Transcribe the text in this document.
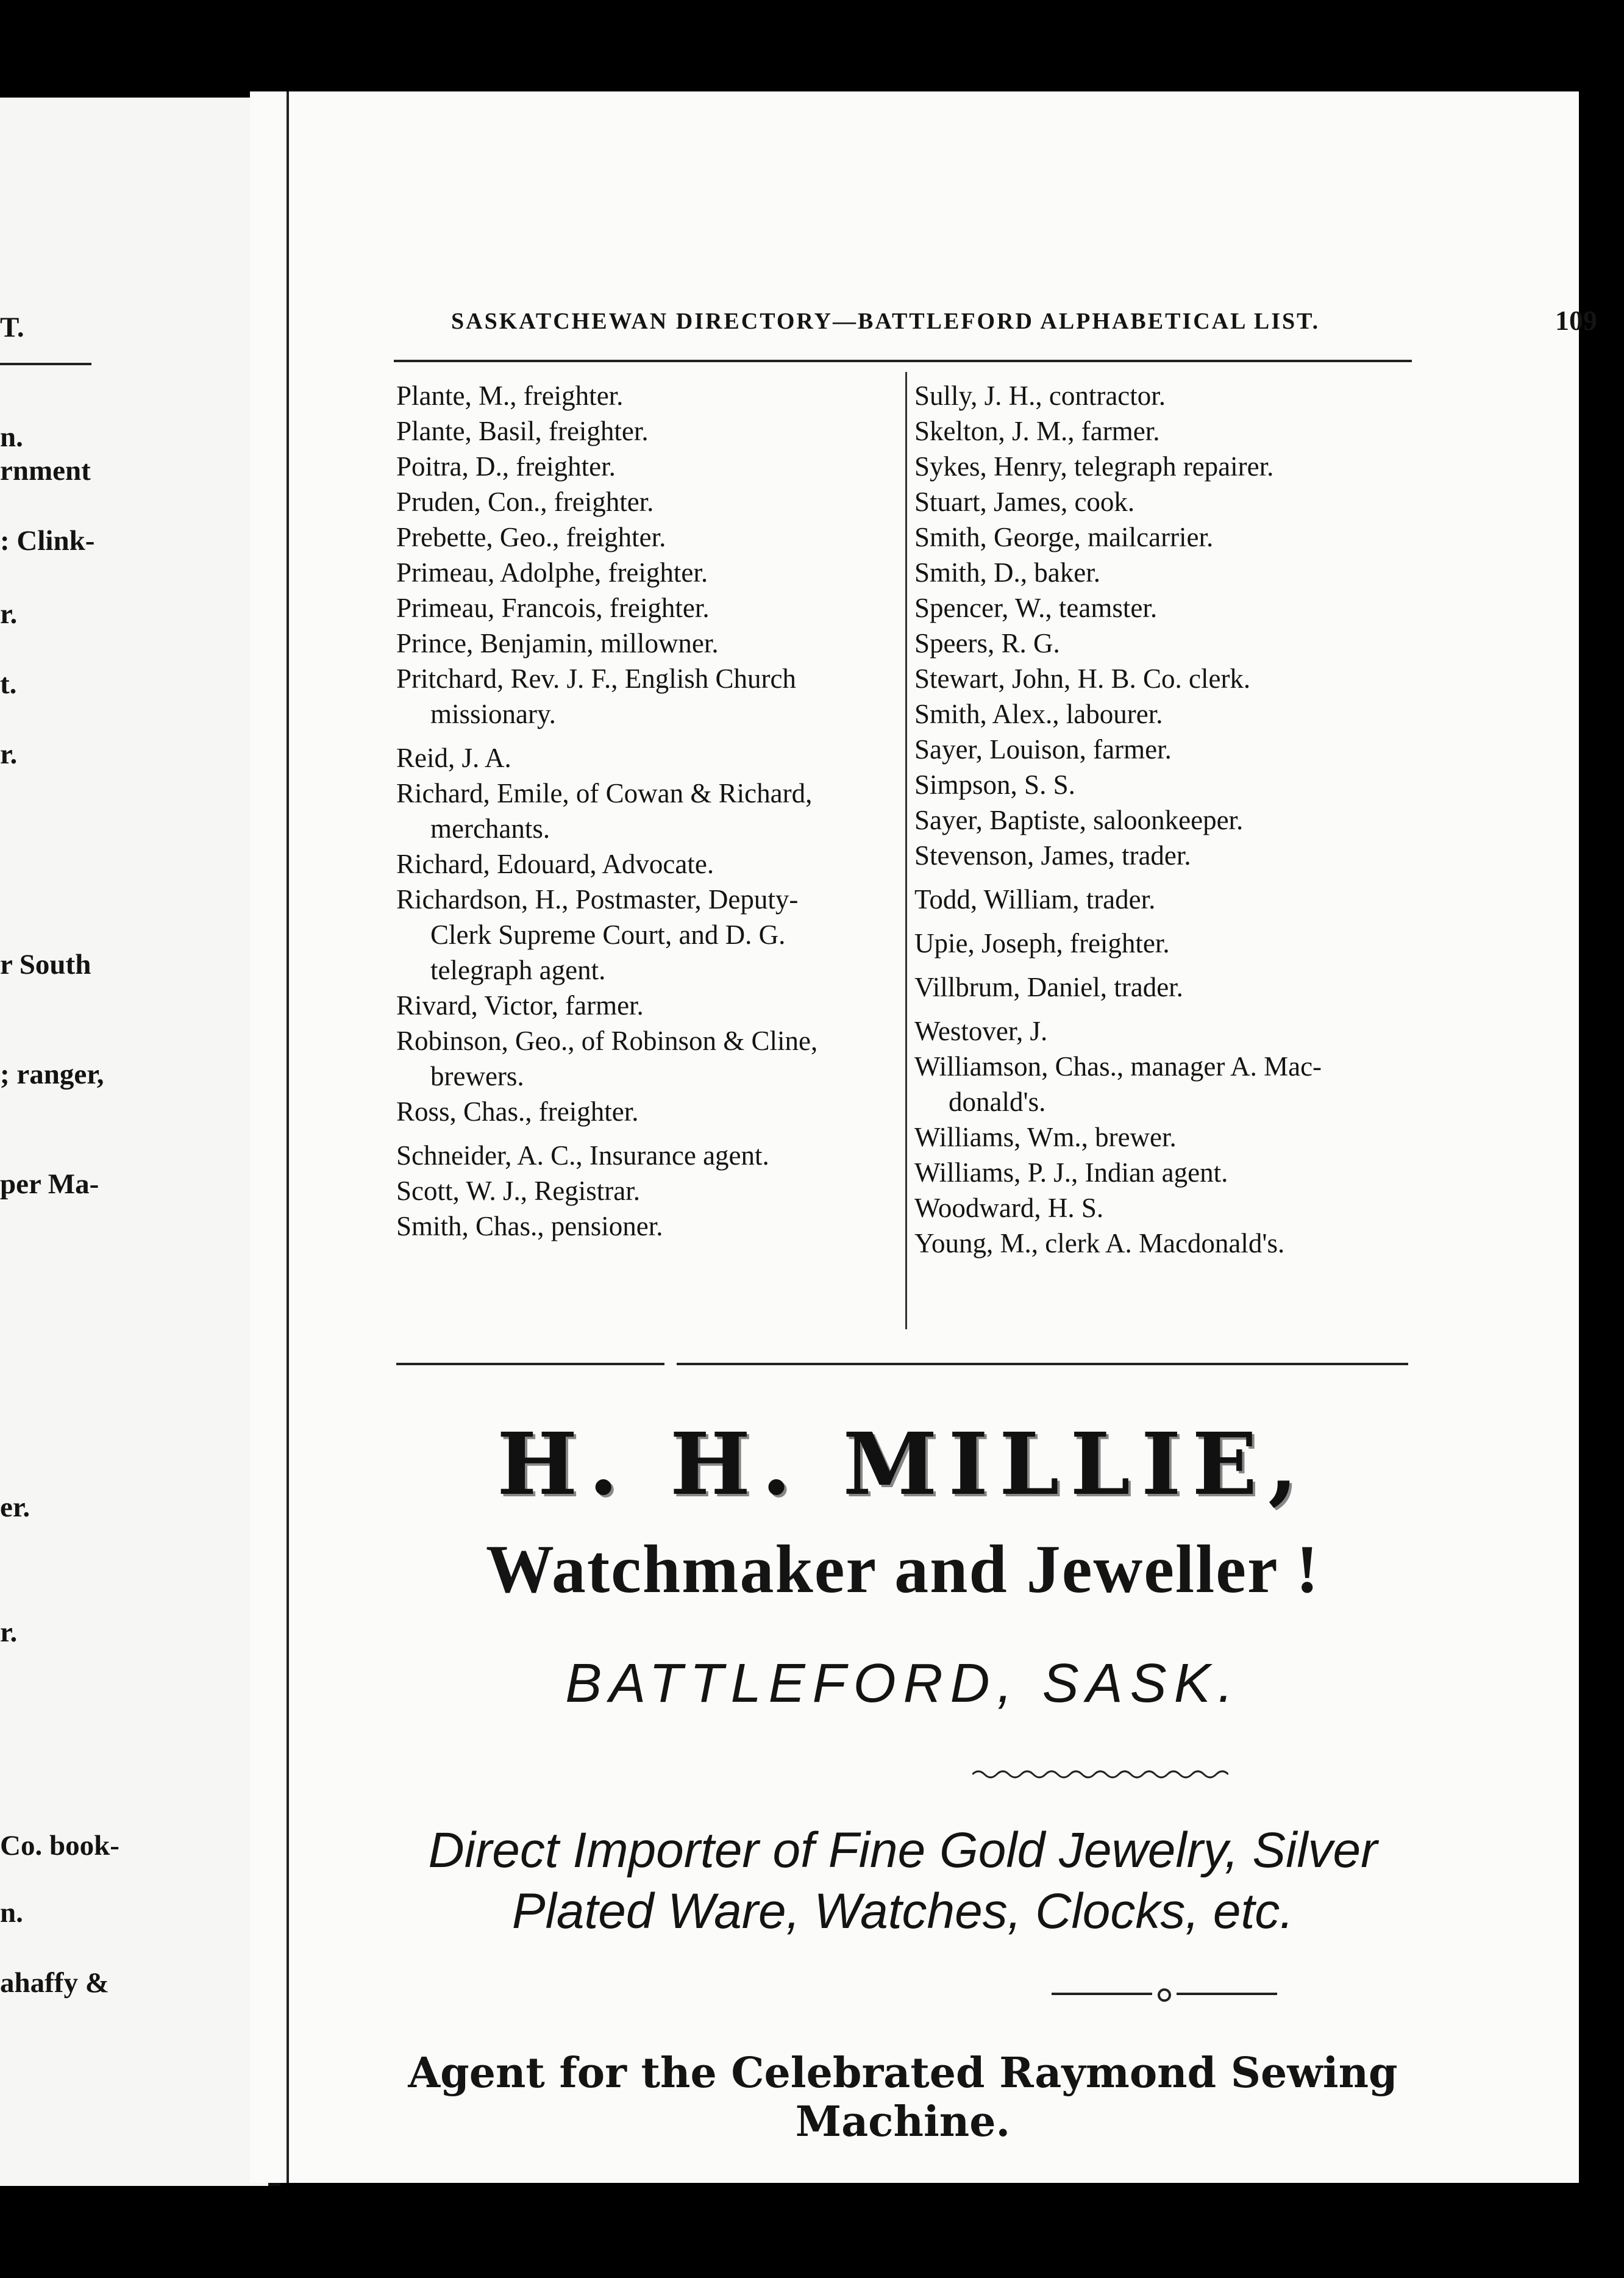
T.
n.
rnment
: Clink-
r.
t.
r.
r South
; ranger,
per Ma-
er.
r.
Co. book-
n.
ahaffy &
SASKATCHEWAN DIRECTORY—BATTLEFORD ALPHABETICAL LIST.	109
Plante, M., freighter.
Plante, Basil, freighter.
Poitra, D., freighter.
Pruden, Con., freighter.
Prebette, Geo., freighter.
Primeau, Adolphe, freighter.
Primeau, Francois, freighter.
Prince, Benjamin, millowner.
Pritchard, Rev. J. F., English Church
missionary.
Reid, J. A.
Richard, Emile, of Cowan & Richard,
merchants.
Richard, Edouard, Advocate.
Richardson, H., Postmaster, Deputy-
Clerk Supreme Court, and D. G.
telegraph agent.
Rivard, Victor, farmer.
Robinson, Geo., of Robinson & Cline,
brewers.
Ross, Chas., freighter.
Schneider, A. C., Insurance agent.
Scott, W. J., Registrar.
Smith, Chas., pensioner.
Sully, J. H., contractor.
Skelton, J. M., farmer.
Sykes, Henry, telegraph repairer.
Stuart, James, cook.
Smith, George, mailcarrier.
Smith, D., baker.
Spencer, W., teamster.
Speers, R. G.
Stewart, John, H. B. Co. clerk.
Smith, Alex., labourer.
Sayer, Louison, farmer.
Simpson, S. S.
Sayer, Baptiste, saloonkeeper.
Stevenson, James, trader.
Todd, William, trader.
Upie, Joseph, freighter.
Villbrum, Daniel, trader.
Westover, J.
Williamson, Chas., manager A. Mac-
donald's.
Williams, Wm., brewer.
Williams, P. J., Indian agent.
Woodward, H. S.
Young, M., clerk A. Macdonald's.
H. H. MILLIE,
Watchmaker and Jeweller !
BATTLEFORD, SASK.
Direct Importer of Fine Gold Jewelry, Silver
Plated Ware, Watches, Clocks, etc.
Agent for the Celebrated Raymond Sewing Machine.
